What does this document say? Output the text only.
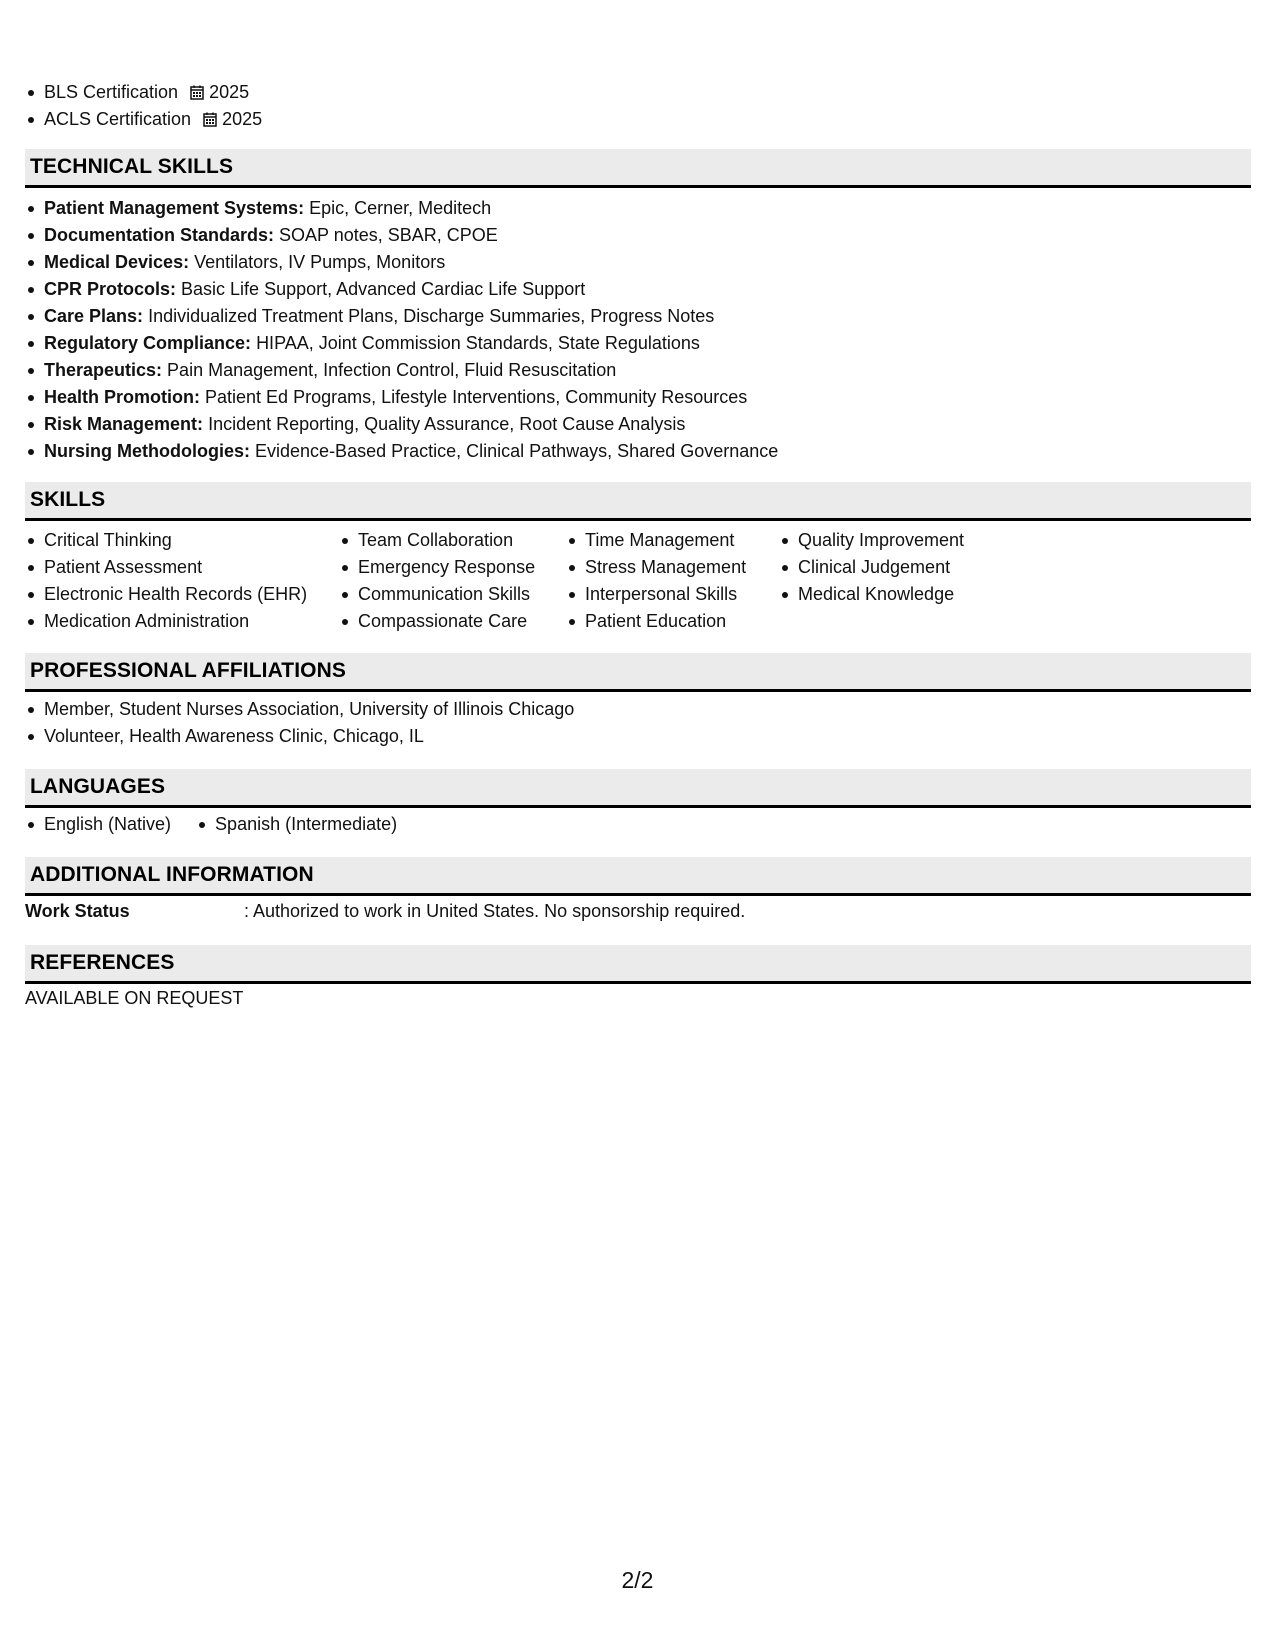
BLS Certification 2025
ACLS Certification 2025
TECHNICAL SKILLS
Patient Management Systems: Epic, Cerner, Meditech
Documentation Standards: SOAP notes, SBAR, CPOE
Medical Devices: Ventilators, IV Pumps, Monitors
CPR Protocols: Basic Life Support, Advanced Cardiac Life Support
Care Plans: Individualized Treatment Plans, Discharge Summaries, Progress Notes
Regulatory Compliance: HIPAA, Joint Commission Standards, State Regulations
Therapeutics: Pain Management, Infection Control, Fluid Resuscitation
Health Promotion: Patient Ed Programs, Lifestyle Interventions, Community Resources
Risk Management: Incident Reporting, Quality Assurance, Root Cause Analysis
Nursing Methodologies: Evidence-Based Practice, Clinical Pathways, Shared Governance
SKILLS
Critical Thinking
Patient Assessment
Electronic Health Records (EHR)
Medication Administration
Team Collaboration
Emergency Response
Communication Skills
Compassionate Care
Time Management
Stress Management
Interpersonal Skills
Patient Education
Quality Improvement
Clinical Judgement
Medical Knowledge
PROFESSIONAL AFFILIATIONS
Member, Student Nurses Association, University of Illinois Chicago
Volunteer, Health Awareness Clinic, Chicago, IL
LANGUAGES
English (Native)	Spanish (Intermediate)
ADDITIONAL INFORMATION
Work Status	: Authorized to work in United States. No sponsorship required.
REFERENCES
AVAILABLE ON REQUEST
2/2
